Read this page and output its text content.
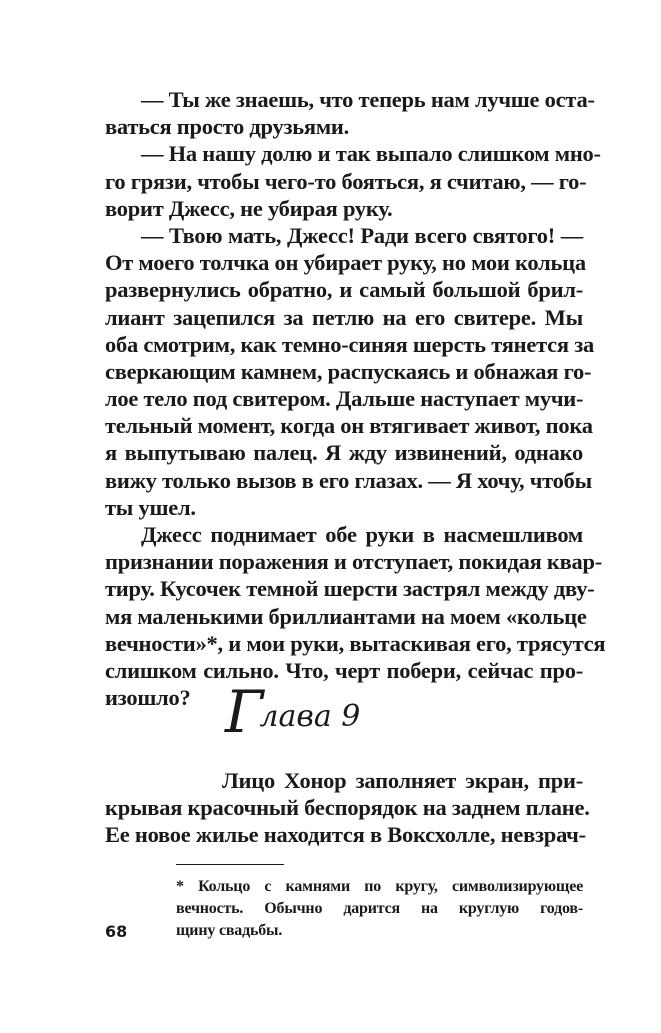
— Ты же знаешь, что теперь нам лучше оста-
ваться просто друзьями.
— На нашу долю и так выпало слишком мно-
го грязи, чтобы чего-то бояться, я считаю, — го-
ворит Джесс, не убирая руку.
— Твою мать, Джесс! Ради всего святого! —
От моего толчка он убирает руку, но мои кольца
развернулись обратно, и самый большой брил-
лиант зацепился за петлю на его свитере. Мы
оба смотрим, как темно-синяя шерсть тянется за
сверкающим камнем, распускаясь и обнажая го-
лое тело под свитером. Дальше наступает мучи-
тельный момент, когда он втягивает живот, пока
я выпутываю палец. Я жду извинений, однако
вижу только вызов в его глазах. — Я хочу, чтобы
ты ушел.
Джесс поднимает обе руки в насмешливом
признании поражения и отступает, покидая квар-
тиру. Кусочек темной шерсти застрял между дву-
мя маленькими бриллиантами на моем «кольце
вечности»*, и мои руки, вытаскивая его, трясутся
слишком сильно. Что, черт побери, сейчас про-
изошло? Глава 9
Лицо Хонор заполняет экран, при-
крывая красочный беспорядок на заднем плане.
Ее новое жилье находится в Воксхолле, невзрач-
* Кольцо с камнями по кругу, символизирующее
вечность. Обычно дарится на круглую годов-
щину свадьбы.
68
